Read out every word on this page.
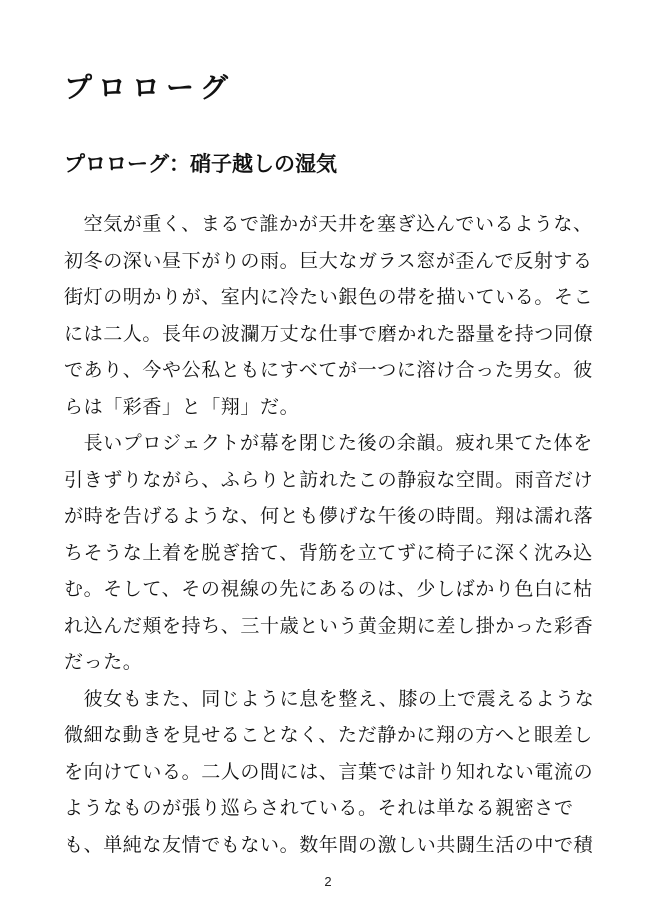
プロローグ
プロローグ：硝子越しの湿気
　空気が重く、まるで誰かが天井を塞ぎ込んでいるような、
初冬の深い昼下がりの雨。巨大なガラス窓が歪んで反射する
街灯の明かりが、室内に冷たい銀色の帯を描いている。そこ
には二人。長年の波瀾万丈な仕事で磨かれた器量を持つ同僚
であり、今や公私ともにすべてが一つに溶け合った男女。彼
らは「彩香」と「翔」だ。
　長いプロジェクトが幕を閉じた後の余韻。疲れ果てた体を
引きずりながら、ふらりと訪れたこの静寂な空間。雨音だけ
が時を告げるような、何とも儚げな午後の時間。翔は濡れ落
ちそうな上着を脱ぎ捨て、背筋を立てずに椅子に深く沈み込
む。そして、その視線の先にあるのは、少しばかり色白に枯
れ込んだ頬を持ち、三十歳という黄金期に差し掛かった彩香
だった。
　彼女もまた、同じように息を整え、膝の上で震えるような
微細な動きを見せることなく、ただ静かに翔の方へと眼差し
を向けている。二人の間には、言葉では計り知れない電流の
ようなものが張り巡らされている。それは単なる親密さで
も、単純な友情でもない。数年間の激しい共闘生活の中で積
2
